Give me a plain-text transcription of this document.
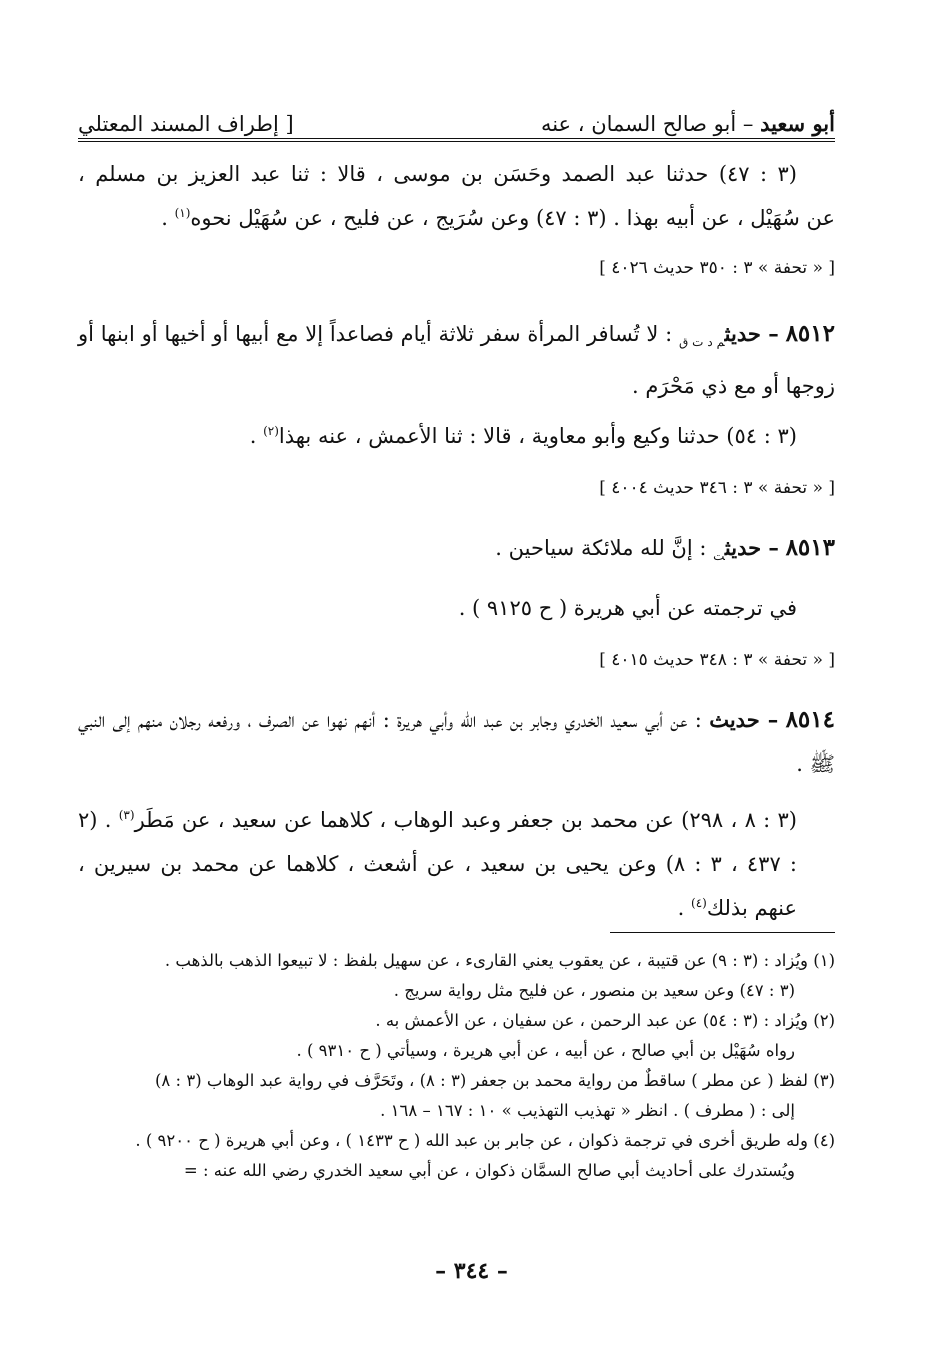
أبو سعيد – أبو صالح السمان ، عنه
[ إطراف المسند المعتلي

(٣ : ٤٧) حدثنا عبد الصمد وحَسَن بن موسى ، قالا : ثنا عبد العزيز بن مسلم ،

عن سُهَيْل ، عن أبيه بهذا . (٣ : ٤٧) وعن سُرَيج ، عن فليح ، عن سُهَيْل نحوه$^{(١)}$ .

[ « تحفة » ٣ : ٣٥٠ حديث ٤٠٢٦ ]

٨٥١٢ – حديث$_{م د ت ق}$ : لا تُسافر المرأة سفر ثلاثة أيام فصاعداً إلا مع أبيها أو أخيها أو ابنها أو زوجها أو مع ذي مَحْرَم .

(٣ : ٥٤) حدثنا وكيع وأبو معاوية ، قالا : ثنا الأعمش ، عنه بهذا$^{(٢)}$ .

[ « تحفة » ٣ : ٣٤٦ حديث ٤٠٠٤ ]

٨٥١٣ – حديث$_ت$ : إنَّ لله ملائكة سياحين .

في ترجمته عن أبي هريرة ( ح ٩١٢٥ ) .

[ « تحفة » ٣ : ٣٤٨ حديث ٤٠١٥ ]

٨٥١٤ – حديث : عن أبي سعيد الخدري وجابر بن عبد الله وأبي هريرة : أنهم نهوا عن الصرف ، ورفعه رجلان منهم إلى النبي ﷺ .

(٣ : ٨ ، ٢٩٨) عن محمد بن جعفر وعبد الوهاب ، كلاهما عن سعيد ، عن مَطَر$^{(٣)}$ . (٢ : ٤٣٧ ، ٣ : ٨) وعن يحيى بن سعيد ، عن أشعث ، كلاهما عن محمد بن سيرين ، عنهم بذلك$^{(٤)}$ .

(١) ويُزاد : (٣ : ٩) عن قتيبة ، عن يعقوب يعني القارىء ، عن سهيل بلفظ : لا تبيعوا الذهب بالذهب .

(٣ : ٤٧) وعن سعيد بن منصور ، عن فليح مثل رواية سريج .

(٢) ويُزاد : (٣ : ٥٤) عن عبد الرحمن ، عن سفيان ، عن الأعمش به .

رواه سُهَيْل بن أبي صالح ، عن أبيه ، عن أبي هريرة ، وسيأتي ( ح ٩٣١٠ ) .

(٣) لفظ ( عن مطر ) ساقطٌ من رواية محمد بن جعفر (٣ : ٨) ، وتَحَرَّف في رواية عبد الوهاب (٣ : ٨)

إلى : ( مطرف ) . انظر « تهذيب التهذيب » ١٠ : ١٦٧ – ١٦٨ .

(٤) وله طريق أخرى في ترجمة ذكوان ، عن جابر بن عبد الله ( ح ١٤٣٣ ) ، وعن أبي هريرة ( ح ٩٢٠٠ ) .

ويُستدرك على أحاديث أبي صالح السمَّان ذكوان ، عن أبي سعيد الخدري رضي الله عنه : =

– ٣٤٤ –
